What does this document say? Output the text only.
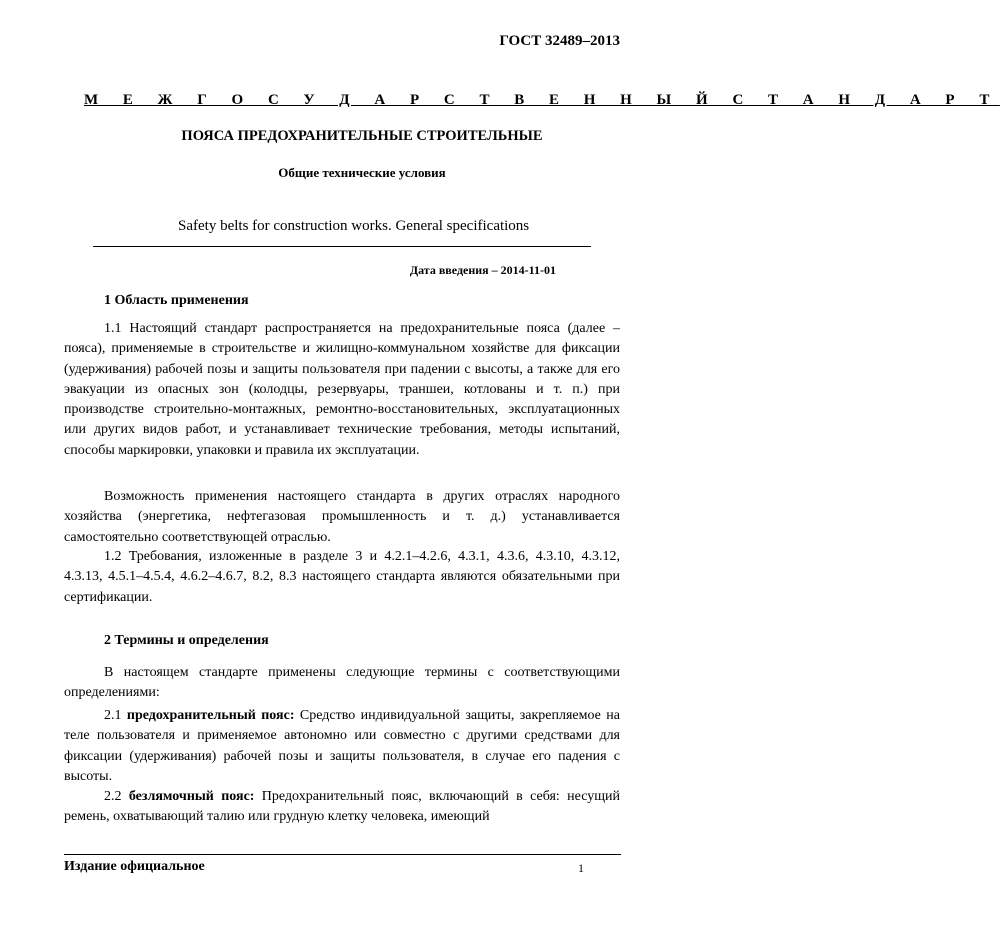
ГОСТ 32489–2013
М Е Ж Г О С У Д А Р С Т В Е Н Н Ы Й С Т А Н Д А Р Т
ПОЯСА ПРЕДОХРАНИТЕЛЬНЫЕ СТРОИТЕЛЬНЫЕ
Общие технические условия
Safety belts for construction works. General specifications
Дата введения – 2014-11-01
1 Область применения
1.1 Настоящий стандарт распространяется на предохранительные пояса (далее – пояса), применяемые в строительстве и жилищно-коммунальном хозяйстве для фиксации (удерживания) рабочей позы и защиты пользователя при падении с высоты, а также для его эвакуации из опасных зон (колодцы, резервуары, траншеи, котлованы и т. п.) при производстве строительно-монтажных, ремонтно-восстановительных, эксплуатационных или других видов работ, и устанавливает технические требования, методы испытаний, способы маркировки, упаковки и правила их эксплуатации.
Возможность применения настоящего стандарта в других отраслях народного хозяйства (энергетика, нефтегазовая промышленность и т. д.) устанавливается самостоятельно соответствующей отраслью.
1.2 Требования, изложенные в разделе 3 и 4.2.1–4.2.6, 4.3.1, 4.3.6, 4.3.10, 4.3.12, 4.3.13, 4.5.1–4.5.4, 4.6.2–4.6.7, 8.2, 8.3 настоящего стандарта являются обязательными при сертификации.
2 Термины и определения
В настоящем стандарте применены следующие термины с соответствующими определениями:
2.1 предохранительный пояс: Средство индивидуальной защиты, закрепляемое на теле пользователя и применяемое автономно или совместно с другими средствами для фиксации (удерживания) рабочей позы и защиты пользователя, в случае его падения с высоты.
2.2 безлямочный пояс: Предохранительный пояс, включающий в себя: несущий ремень, охватывающий талию или грудную клетку человека, имеющий
Издание официальное	1
